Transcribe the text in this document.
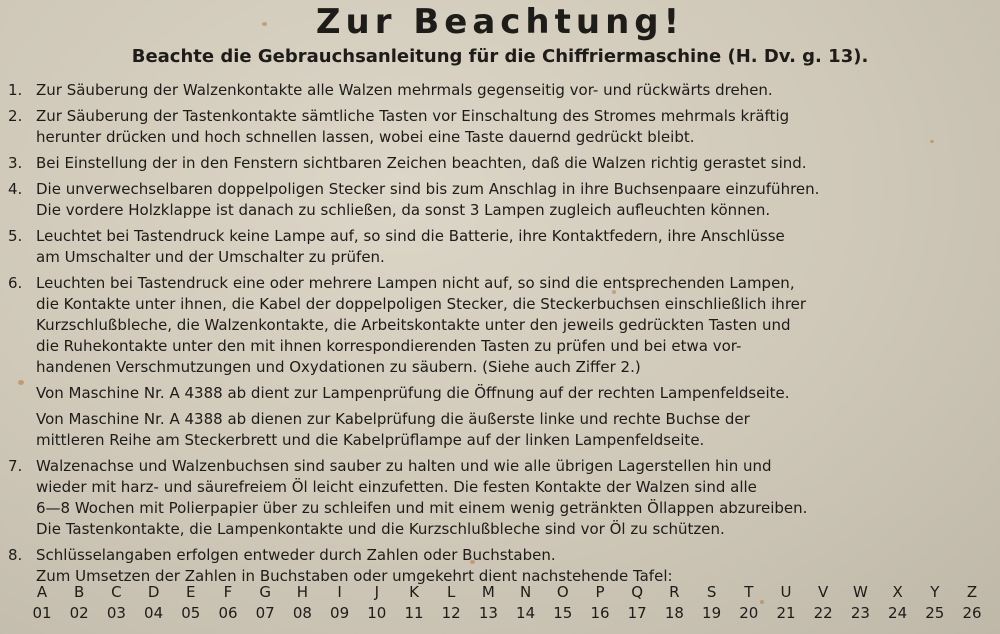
Zur Beachtung!
Beachte die Gebrauchsanleitung für die Chiffriermaschine (H. Dv. g. 13).
1. Zur Säuberung der Walzenkontakte alle Walzen mehrmals gegenseitig vor- und rückwärts drehen.
2. Zur Säuberung der Tastenkontakte sämtliche Tasten vor Einschaltung des Stromes mehrmals kräftig
herunter drücken und hoch schnellen lassen, wobei eine Taste dauernd gedrückt bleibt.
3. Bei Einstellung der in den Fenstern sichtbaren Zeichen beachten, daß die Walzen richtig gerastet sind.
4. Die unverwechselbaren doppelpoligen Stecker sind bis zum Anschlag in ihre Buchsenpaare einzuführen.
Die vordere Holzklappe ist danach zu schließen, da sonst 3 Lampen zugleich aufleuchten können.
5. Leuchtet bei Tastendruck keine Lampe auf, so sind die Batterie, ihre Kontaktfedern, ihre Anschlüsse
am Umschalter und der Umschalter zu prüfen.
6. Leuchten bei Tastendruck eine oder mehrere Lampen nicht auf, so sind die entsprechenden Lampen,
die Kontakte unter ihnen, die Kabel der doppelpoligen Stecker, die Steckerbuchsen einschließlich ihrer
Kurzschlußbleche, die Walzenkontakte, die Arbeitskontakte unter den jeweils gedrückten Tasten und
die Ruhekontakte unter den mit ihnen korrespondierenden Tasten zu prüfen und bei etwa vor-
handenen Verschmutzungen und Oxydationen zu säubern. (Siehe auch Ziffer 2.)
Von Maschine Nr. A 4388 ab dient zur Lampenprüfung die Öffnung auf der rechten Lampenfeldseite.
Von Maschine Nr. A 4388 ab dienen zur Kabelprüfung die äußerste linke und rechte Buchse der
mittleren Reihe am Steckerbrett und die Kabelprüflampe auf der linken Lampenfeldseite.
7. Walzenachse und Walzenbuchsen sind sauber zu halten und wie alle übrigen Lagerstellen hin und
wieder mit harz- und säurefreiem Öl leicht einzufetten. Die festen Kontakte der Walzen sind alle
6—8 Wochen mit Polierpapier über zu schleifen und mit einem wenig getränkten Öllappen abzureiben.
Die Tastenkontakte, die Lampenkontakte und die Kurzschlußbleche sind vor Öl zu schützen.
8. Schlüsselangaben erfolgen entweder durch Zahlen oder Buchstaben.
Zum Umsetzen der Zahlen in Buchstaben oder umgekehrt dient nachstehende Tafel:
A
01
B
02
C
03
D
04
E
05
F
06
G
07
H
08
I
09
J
10
K
11
L
12
M
13
N
14
O
15
P
16
Q
17
R
18
S
19
T
20
U
21
V
22
W
23
X
24
Y
25
Z
26
